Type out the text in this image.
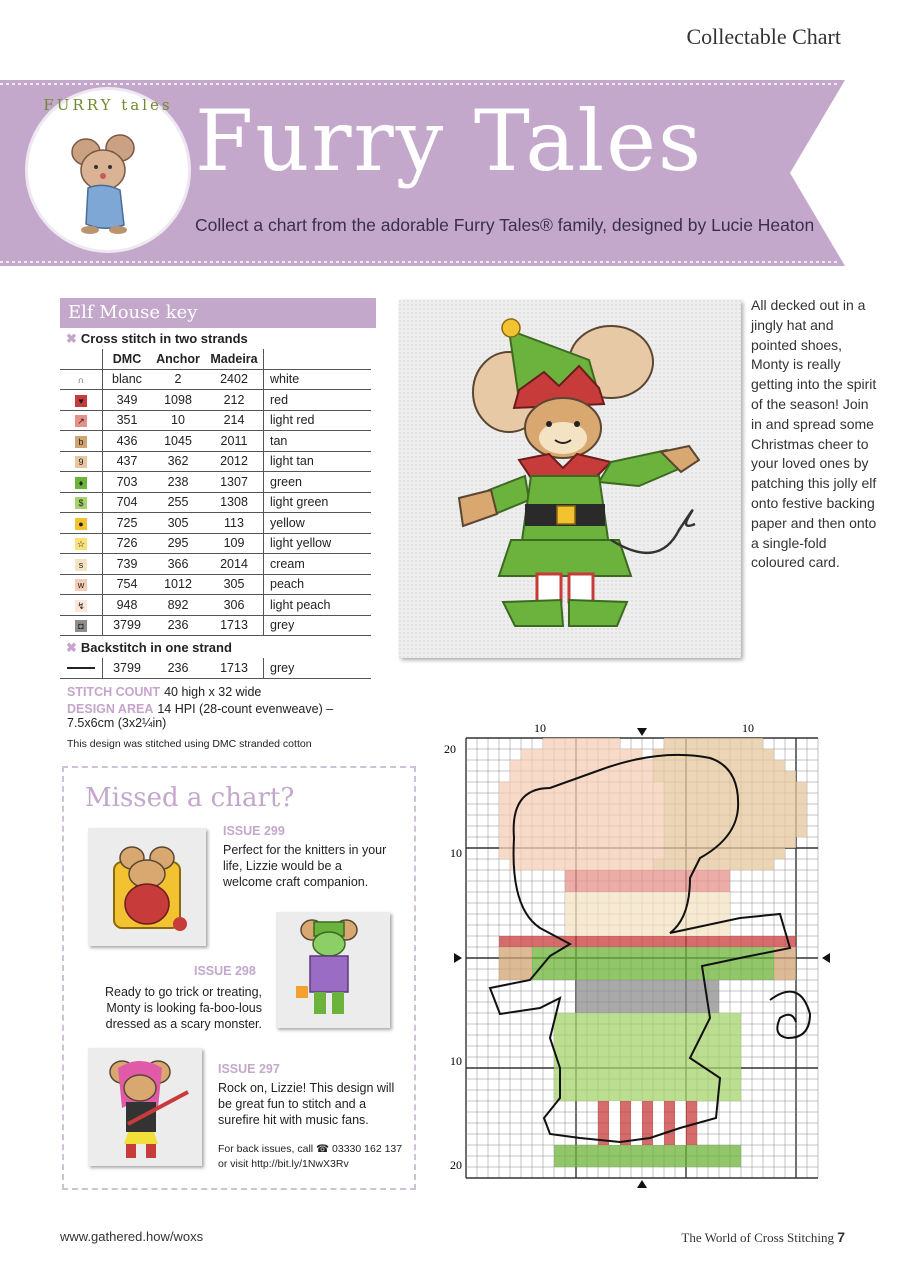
Collectable Chart
FURRY tales Furry Tales
Collect a chart from the adorable Furry Tales® family, designed by Lucie Heaton
Elf Mouse key
✖ Cross stitch in two strands
	DMC	Anchor	Madeira	
∩	blanc	2	2402	white
♥	349	1098	212	red
↗	351	10	214	light red
b	436	1045	2011	tan
9	437	362	2012	light tan
♦	703	238	1307	green
$	704	255	1308	light green
●	725	305	113	yellow
☆	726	295	109	light yellow
s	739	366	2014	cream
w	754	1012	305	peach
↯	948	892	306	light peach
◘	3799	236	1713	grey
✖ Backstitch in one strand
	3799	236	1713	grey
STITCH COUNT 40 high x 32 wide
DESIGN AREA 14 HPI (28-count evenweave) – 7.5x6cm (3x2¼in)
This design was stitched using DMC stranded cotton
All decked out in a jingly hat and pointed shoes, Monty is really getting into the spirit of the season! Join in and spread some Christmas cheer to your loved ones by patching this jolly elf onto festive backing paper and then onto a single-fold coloured card.
Missed a chart?
ISSUE 299
Perfect for the knitters in your life, Lizzie would be a welcome craft companion.
ISSUE 298
Ready to go trick or treating, Monty is looking fa-boo-lous dressed as a scary monster.
ISSUE 297
Rock on, Lizzie! This design will be great fun to stitch and a surefire hit with music fans.
For back issues, call ☎ 03330 162 137
or visit http://bit.ly/1NwX3Rv
10	10
20
10
10
20
www.gathered.how/woxs	The World of Cross Stitching 7
